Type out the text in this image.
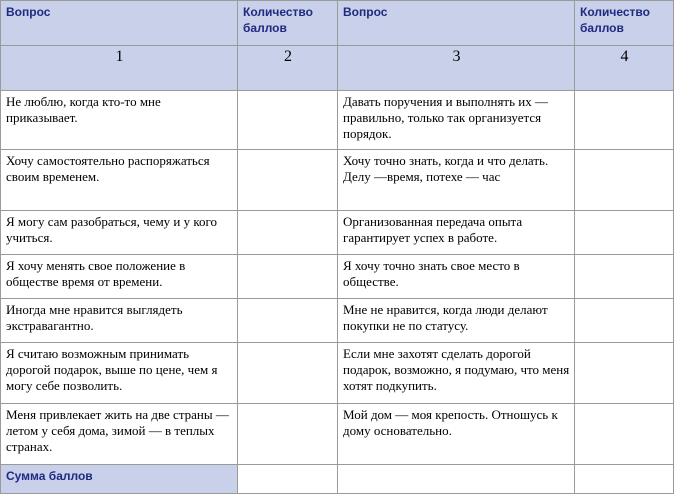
Вопрос	Количество баллов	Вопрос	Количество баллов
1	2	3	4
Не люблю, когда кто-то мне приказывает.		Давать поручения и выполнять их — правильно, только так организуется порядок.	
Хочу самостоятельно распоряжаться своим временем.		Хочу точно знать, когда и что делать. Делу —время, потехе — час	
Я могу сам разобраться, чему и у кого учиться.		Организованная передача опыта гарантирует успех в работе.	
Я хочу менять свое положение в обществе время от времени.		Я хочу точно знать свое место в обществе.	
Иногда мне нравится выглядеть экстравагантно.		Мне не нравится, когда люди делают покупки не по статусу.	
Я считаю возможным принимать дорогой подарок, выше по цене, чем я могу себе позволить.		Если мне захотят сделать дорогой подарок, возможно, я подумаю, что меня хотят подкупить.	
Меня привлекает жить на две страны — летом у себя дома, зимой — в теплых странах.		Мой дом — моя крепость. Отношусь к дому основательно.	
Сумма баллов			
